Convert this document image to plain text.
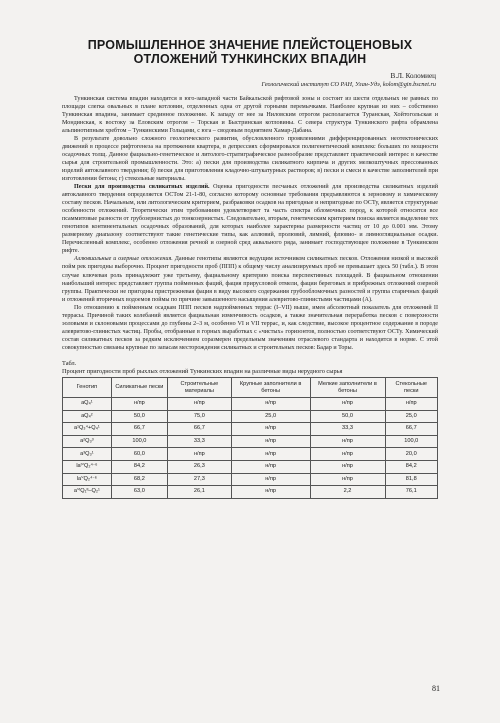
ПРОМЫШЛЕННОЕ ЗНАЧЕНИЕ ПЛЕЙСТОЦЕНОВЫХ
ОТЛОЖЕНИЙ ТУНКИНСКИХ ВПАДИН
В.Л. Коломиец
Геологический институт СО РАН, Улан-Удэ, kolom@gin.bscnet.ru

Тункинская система впадин находится в юго-западной части Байкальской рифтовой зоны и состоит из шести отдельных не равных по площади слегка овальных в плане котловин, отделенных одна от другой горными перемычками. Наиболее крупная из них – собственно Тункинская впадина, занимает срединное положение. К западу от нее за Ниловским отрогом располагается Туранская, Хойтогольская и Мондинская, к востоку за Еловским отрогом – Торская и Быстринская котловины. С севера структура Тункинского рифта обрамлена альпинотипным хребтом – Тункинскими Гольцами, с юга – сводовым поднятием Хамар-Дабана.

В результате довольно сложного геологического развития, обусловленного проявлениями дифференцированных неотектонических движений в процессе рифтогенеза на протяжении квартера, в депрессиях сформировался полигенетический комплекс больших по мощности осадочных толщ. Данное фациально-генетическое и литолого-стратиграфическое разнообразие представляет практический интерес в качестве сырья для строительной промышленности. Это: а) пески для производства силикатного кирпича и других мелкоштучных прессованных изделий автоклавного твердения; б) пески для приготовления кладочно-штукатурных растворов; в) пески и смеси в качестве заполнителей при изготовлении бетона; г) стекольные материалы.

Пески для производства силикатных изделий. Оценка пригодности песчаных отложений для производства силикатных изделий автоклавного твердения определяется ОСТом 21-1-80, согласно которому основные требования предъявляются к зерновому и химическому составу песков. Начальным, или литологическим критерием, разбраковки осадков на пригодные и непригодные по ОСТу, является структурные особенности отложений. Теоретически этим требованиям удовлетворяет та часть спектра обломочных пород, к которой относятся все псаммитовые разности от грубозернистых до тонкозернистых. Следовательно, вторым, генетическим критерием поиска является выделение тех генотипов континентальных осадочных образований, для которых наиболее характерны размерности частиц от 10 до 0.001 мм. Этому размерному диапазону соответствуют такие генетические типы, как аллювий, пролювий, лимний, флювио- и лимногляциальные осадки. Перечисленный комплекс, особенно отложения речной и озерной сред аквального ряда, занимает господствующее положение в Тункинском рифте.

Аллювиальные и озерные отложения. Данные генотипы являются ведущим источником силикатных песков. Отложения низкой и высокой пойм рек пригодны выборочно. Процент пригодности проб (ППП) к общему числу анализируемых проб не превышает здесь 50 (табл.). В этом случае ключевая роль принадлежит уже третьему, фациальному критерию поиска перспективных площадей. В фациальном отношении наибольший интерес представляет группа пойменных фаций, фация прирусловой отмели, фации береговых и прибрежных отложений озерной группы. Практически не пригодны пристрежневая фация в виду высокого содержания грубообломочных разностей и группа старичных фаций и отложений вторичных водоемов поймы по причине завышенного насыщения алевритово-глинистыми частицами (А).

По отношению к пойменным осадкам ППП песков надпойменных террас (I–VII) выше, имея абсолютный показатель для отложений II террасы. Причиной таких колебаний является фациальная изменчивость осадков, а также значительная переработка песков с поверхности эоловыми и склоновыми процессами до глубины 2–3 м, особенно VI и VII террас, и, как следствие, высокое процентное содержание в породе алевритово-глинистых частиц. Пробы, отобранные в горных выработках с «чистых» горизонтов, полностью соответствуют ОСТу. Химический состав силикатных песков за редким исключением соразмерен предельным значениям отраслевого стандарта и находится в норме. С этой совокупностью связаны крупные по запасам месторождения силикатных и строительных песков: Бадар и Торы.

Табл.
Процент пригодности проб рыхлых отложений Тункинских впадин на различные виды нерудного сырья
Генотип	Силикатные пески	Строительные материалы	Крупные заполнители в бетоны	Мелкие заполнители в бетоны	Стекольные пески
aQ₄¹	н/пр	н/пр	н/пр	н/пр	н/пр
aQ₄²	50,0	75,0	25,0	50,0	25,0
a¹Q₃⁴+Q₄¹	66,7	66,7	н/пр	33,3	66,7
a²Q₃³	100,0	33,3	н/пр	н/пр	100,0
a³Q₃¹	60,0	н/пр	н/пр	н/пр	20,0
laᴵⱽQ₂⁴ᐨ⁶	84,2	26,3	н/пр	н/пр	84,2
laⱽQ₂⁴ᐨ⁶	68,2	27,3	н/пр	н/пр	81,8
aⱽᴵQ₁ᴵᴵ–Q₂¹	63,0	26,1	н/пр	2,2	76,1
81
